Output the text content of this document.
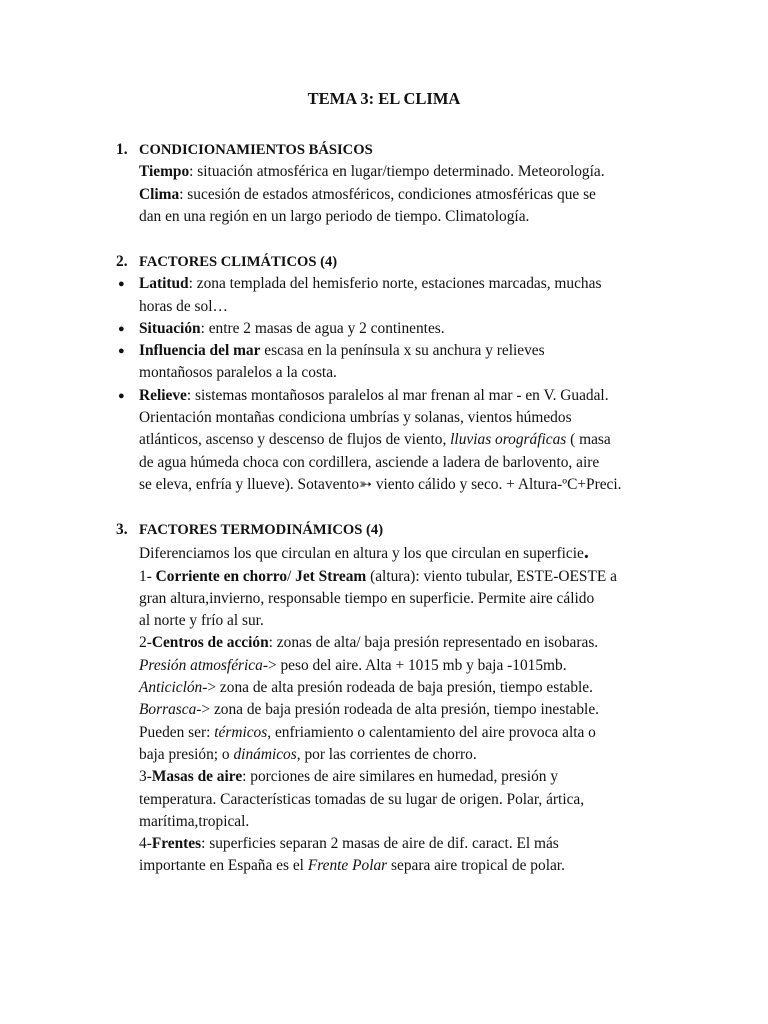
TEMA 3: EL CLIMA
1. CONDICIONAMIENTOS BÁSICOS
Tiempo: situación atmosférica en lugar/tiempo determinado. Meteorología.
Clima: sucesión de estados atmosféricos, condiciones atmosféricas que se
dan en una región en un largo periodo de tiempo. Climatología.
2. FACTORES CLIMÁTICOS (4)
● Latitud: zona templada del hemisferio norte, estaciones marcadas, muchas
horas de sol…
● Situación: entre 2 masas de agua y 2 continentes.
● Influencia del mar escasa en la península x su anchura y relieves
montañosos paralelos a la costa.
● Relieve: sistemas montañosos paralelos al mar frenan al mar - en V. Guadal.
Orientación montañas condiciona umbrías y solanas, vientos húmedos
atlánticos, ascenso y descenso de flujos de viento, lluvias orográficas ( masa
de agua húmeda choca con cordillera, asciende a ladera de barlovento, aire
se eleva, enfría y llueve). Sotavento➳ viento cálido y seco. + Altura-ºC+Preci.
3. FACTORES TERMODINÁMICOS (4)
Diferenciamos los que circulan en altura y los que circulan en superficie.
1- Corriente en chorro/ Jet Stream (altura): viento tubular, ESTE-OESTE a
gran altura,invierno, responsable tiempo en superficie. Permite aire cálido
al norte y frío al sur.
2-Centros de acción: zonas de alta/ baja presión representado en isobaras.
Presión atmosférica-> peso del aire. Alta + 1015 mb y baja -1015mb.
Anticiclón-> zona de alta presión rodeada de baja presión, tiempo estable.
Borrasca-> zona de baja presión rodeada de alta presión, tiempo inestable.
Pueden ser: térmicos, enfriamiento o calentamiento del aire provoca alta o
baja presión; o dinámicos, por las corrientes de chorro.
3-Masas de aire: porciones de aire similares en humedad, presión y
temperatura. Características tomadas de su lugar de origen. Polar, ártica,
marítima,tropical.
4-Frentes: superficies separan 2 masas de aire de dif. caract. El más
importante en España es el Frente Polar separa aire tropical de polar.
